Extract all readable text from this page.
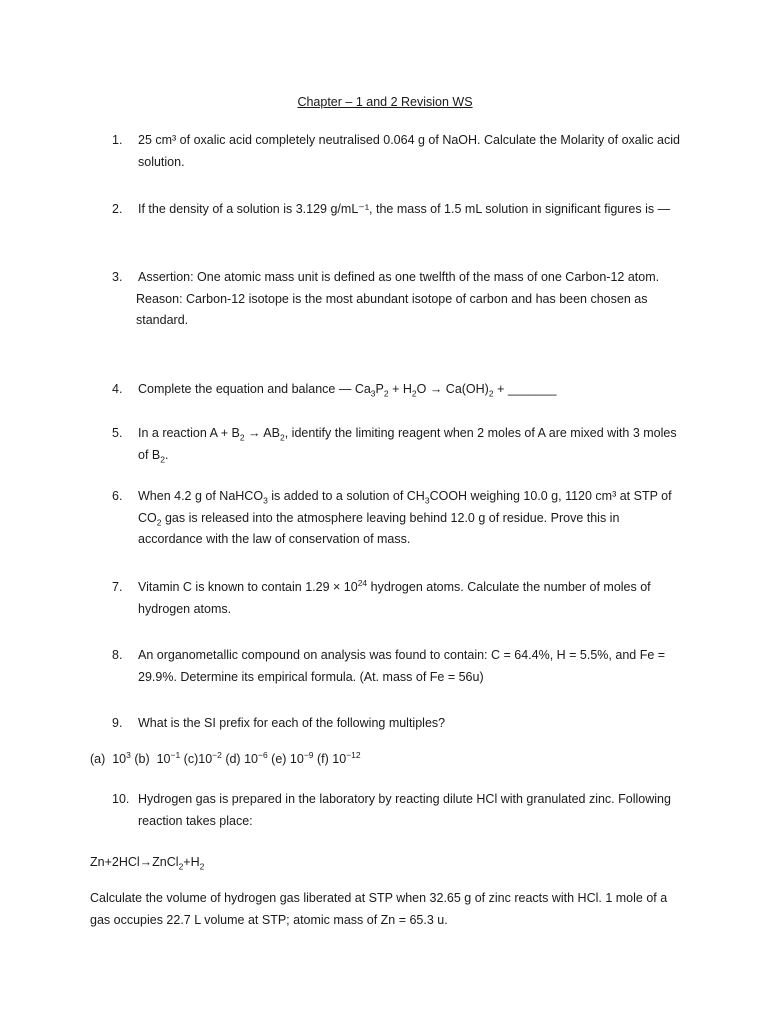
Chapter – 1 and 2 Revision WS
1.	25 cm³ of oxalic acid completely neutralised 0.064 g of NaOH. Calculate the Molarity of oxalic acid solution.
2.	If the density of a solution is 3.129 g/mL⁻¹, the mass of 1.5 mL solution in significant figures is —
3.	Assertion: One atomic mass unit is defined as one twelfth of the mass of one Carbon-12 atom.
Reason: Carbon-12 isotope is the most abundant isotope of carbon and has been chosen as standard.
4.	Complete the equation and balance — $Ca_3P_2 + H_2O \to Ca(OH)_2$ + _______
5.	In a reaction $A + B_2 \to AB_2$, identify the limiting reagent when 2 moles of A are mixed with 3 moles of $B_2$.
6.	When 4.2 g of NaHCO$_3$ is added to a solution of $CH_3COOH$ weighing 10.0 g, 1120 cm³ at STP of $CO_2$ gas is released into the atmosphere leaving behind 12.0 g of residue. Prove this in accordance with the law of conservation of mass.
7.	Vitamin C is known to contain $1.29 \times 10^{24}$ hydrogen atoms. Calculate the number of moles of hydrogen atoms.
8.	An organometallic compound on analysis was found to contain: C = 64.4%, H = 5.5%, and Fe = 29.9%. Determine its empirical formula. (At. mass of Fe = 56u)
9.	What is the SI prefix for each of the following multiples?
(a)  $10^3$ (b)  $10^{-1}$ $(c)10^{-2}$ (d) $10^{-6}$ (e) $10^{-9}$ (f) $10^{-12}$
10. Hydrogen gas is prepared in the laboratory by reacting dilute HCl with granulated zinc. Following reaction takes place:
$Zn+2HCl\to ZnCl_2+H_2$
Calculate the volume of hydrogen gas liberated at STP when 32.65 g of zinc reacts with HCl. 1 mole of a gas occupies 22.7 L volume at STP; atomic mass of Zn = 65.3 u.
